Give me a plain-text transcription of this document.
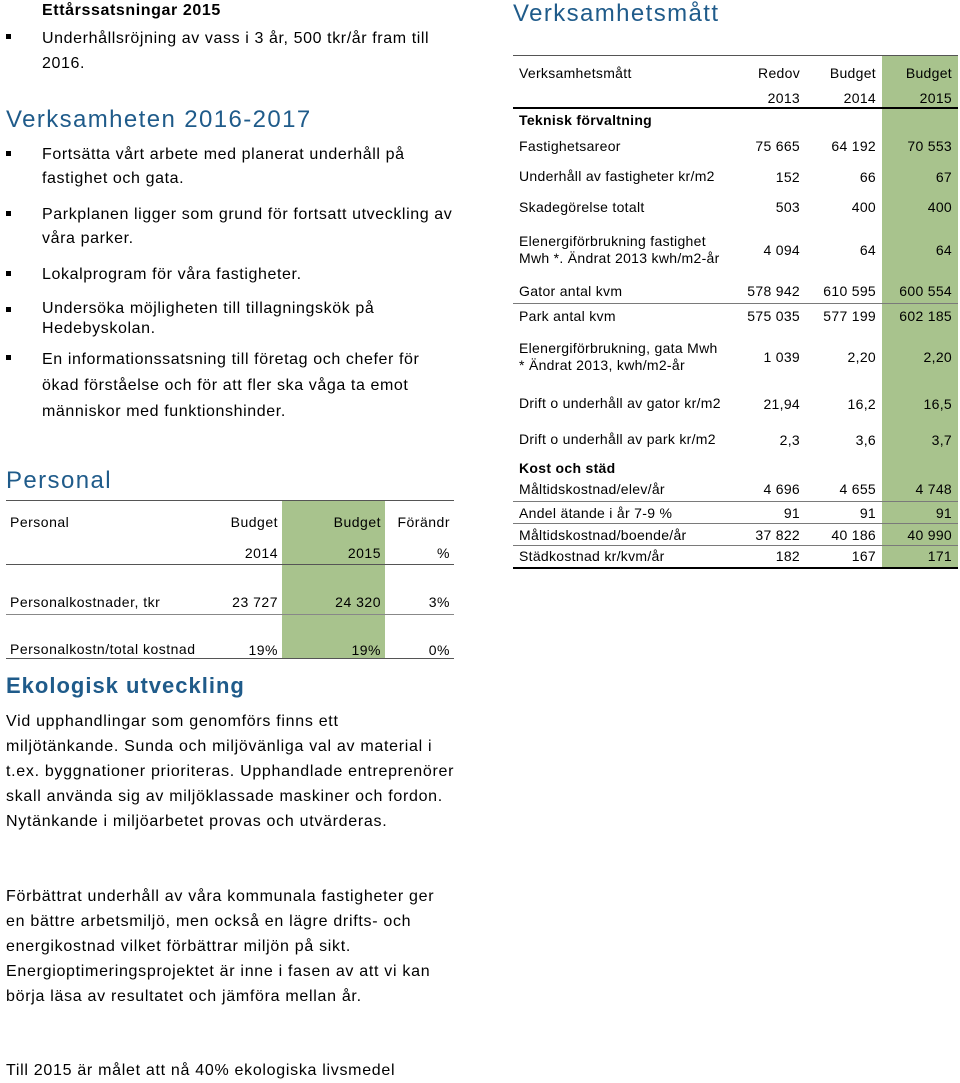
Ettårssatsningar 2015
Underhållsröjning av vass i 3 år, 500 tkr/år fram till 2016.
Verksamheten 2016-2017
Fortsätta vårt arbete med planerat underhåll på fastighet och gata.
Parkplanen ligger som grund för fortsatt utveckling av våra parker.
Lokalprogram för våra fastigheter.
Undersöka möjligheten till tillagningskök på Hedebyskolan.
En informationssatsning till företag och chefer för ökad förståelse och för att fler ska våga ta emot människor med funktionshinder.
Personal
Personal	Budget	Budget	Förändr
	2014	2015	%

Personalkostnader, tkr	23 727	24 320	3%
Personalkostn/total kostnad	19%	19%	0%
Ekologisk utveckling
Vid upphandlingar som genomförs finns ett miljötänkande. Sunda och miljövänliga val av material i t.ex. byggnationer prioriteras. Upphandlade entreprenörer skall använda sig av miljöklassade maskiner och fordon. Nytänkande i miljöarbetet provas och utvärderas.
Förbättrat underhåll av våra kommunala fastigheter ger en bättre arbetsmiljö, men också en lägre drifts- och energikostnad vilket förbättrar miljön på sikt. Energioptimeringsprojektet är inne i fasen av att vi kan börja läsa av resultatet och jämföra mellan år.
Till 2015 är målet att nå 40% ekologiska livsmedel
Verksamhetsmått
Verksamhetsmått	Redov	Budget	Budget
	2013	2014	2015
Teknisk förvaltning			
Fastighetsareor	75 665	64 192	70 553
Underhåll av fastigheter kr/m2	152	66	67
Skadegörelse totalt	503	400	400
Elenergiförbrukning fastighet Mwh *. Ändrat 2013 kwh/m2-år	4 094	64	64
Gator antal kvm	578 942	610 595	600 554
Park antal kvm	575 035	577 199	602 185
Elenergiförbrukning, gata Mwh * Ändrat 2013, kwh/m2-år	1 039	2,20	2,20
Drift o underhåll av gator kr/m2	21,94	16,2	16,5
Drift o underhåll av park kr/m2	2,3	3,6	3,7
Kost och städ			
Måltidskostnad/elev/år	4 696	4 655	4 748
Andel ätande i år 7-9 %	91	91	91
Måltidskostnad/boende/år	37 822	40 186	40 990
Städkostnad kr/kvm/år	182	167	171
